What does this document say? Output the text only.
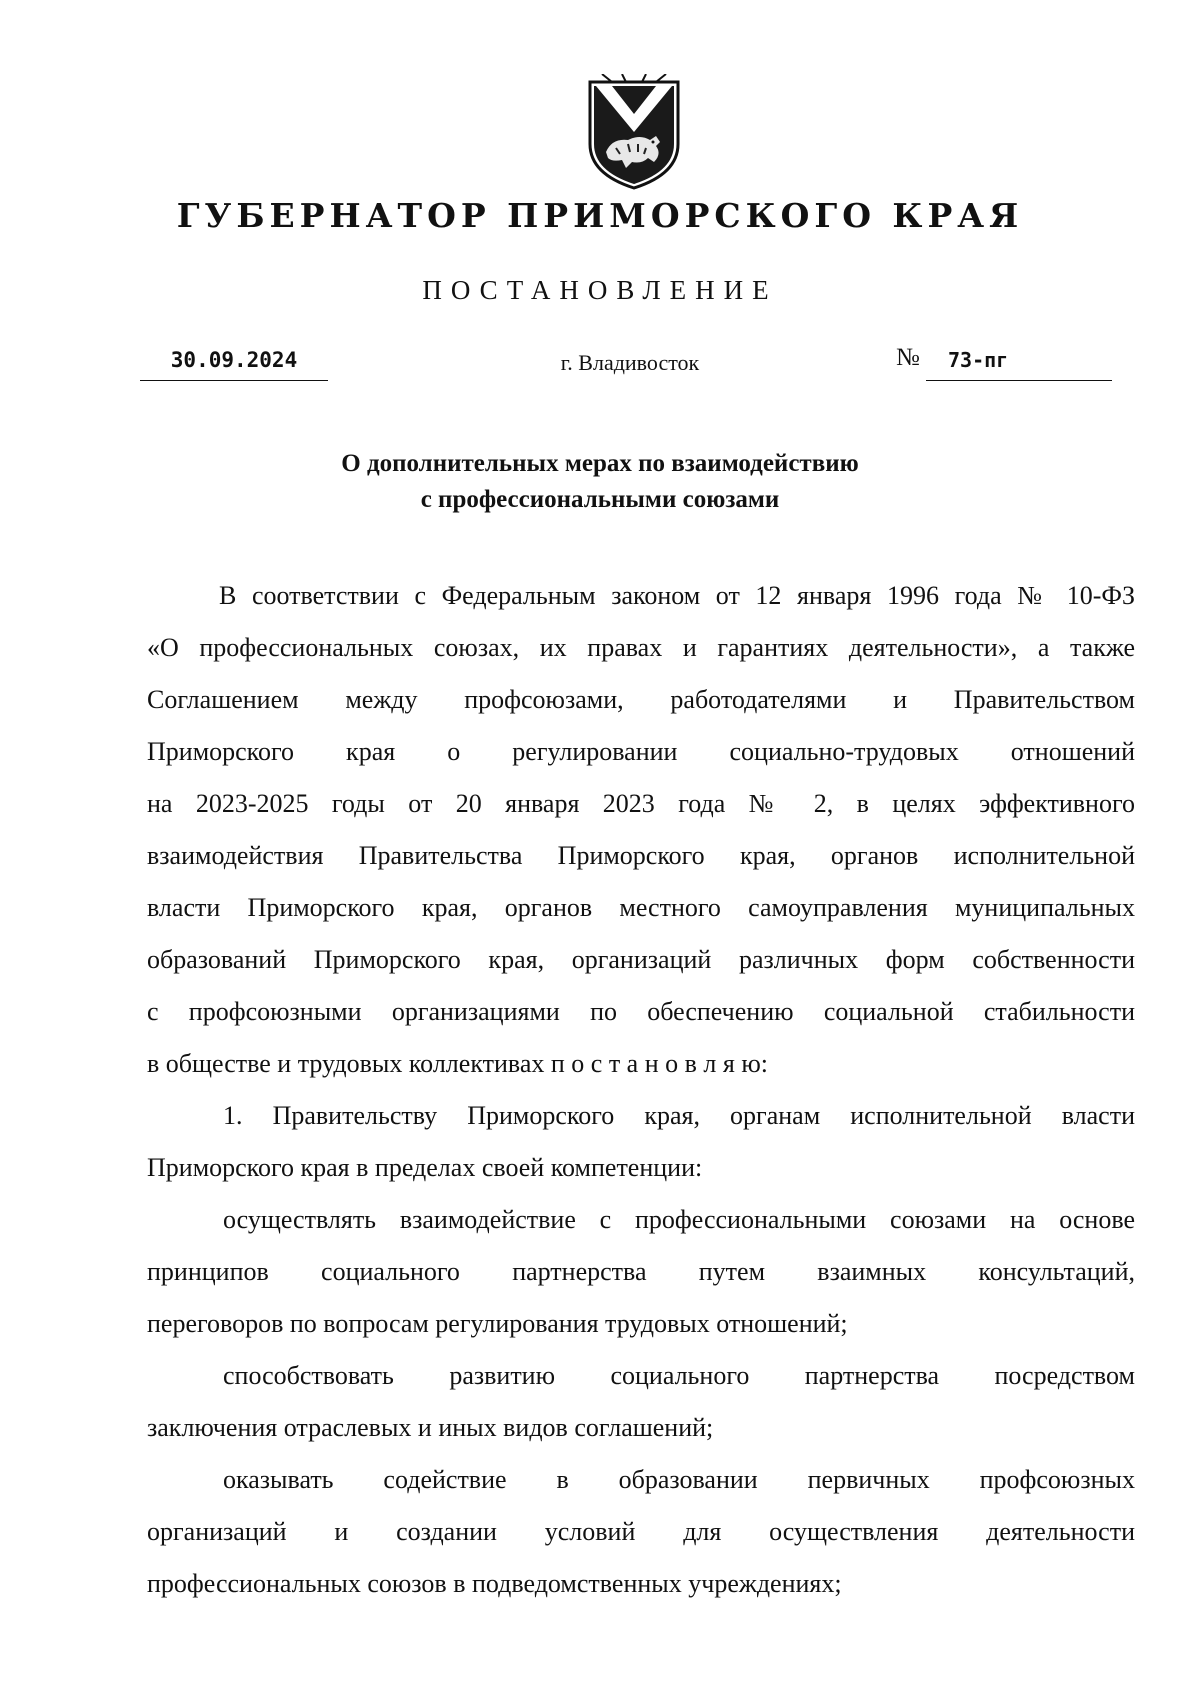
ГУБЕРНАТОР ПРИМОРСКОГО КРАЯ
ПОСТАНОВЛЕНИЕ
30.09.2024	г. Владивосток	№ 73-пг
О дополнительных мерах по взаимодействию
с профессиональными союзами

В соответствии с Федеральным законом от 12 января 1996 года № 10-ФЗ

«О профессиональных союзах, их правах и гарантиях деятельности», а также

Соглашением между профсоюзами, работодателями и Правительством

Приморского края о регулировании социально-трудовых отношений

на 2023-2025 годы от 20 января 2023 года № 2, в целях эффективного

взаимодействия Правительства Приморского края, органов исполнительной

власти Приморского края, органов местного самоуправления муниципальных

образований Приморского края, организаций различных форм собственности

с профсоюзными организациями по обеспечению социальной стабильности

в обществе и трудовых коллективах п о с т а н о в л я ю:

1. Правительству Приморского края, органам исполнительной власти

Приморского края в пределах своей компетенции:

осуществлять взаимодействие с профессиональными союзами на основе

принципов социального партнерства путем взаимных консультаций,

переговоров по вопросам регулирования трудовых отношений;

способствовать развитию социального партнерства посредством

заключения отраслевых и иных видов соглашений;

оказывать содействие в образовании первичных профсоюзных

организаций и создании условий для осуществления деятельности

профессиональных союзов в подведомственных учреждениях;
